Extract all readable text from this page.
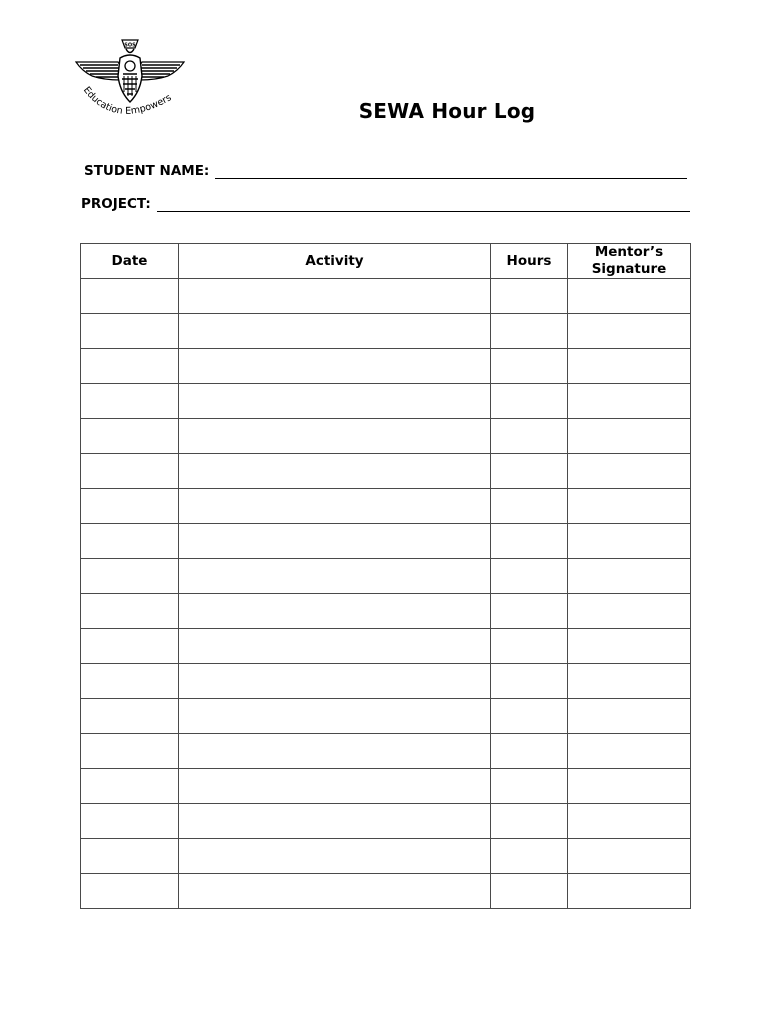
SOS
Education Empowers
SEWA Hour Log
STUDENT NAME:
PROJECT:
Date	Activity	Hours	Mentor’s
Signature
